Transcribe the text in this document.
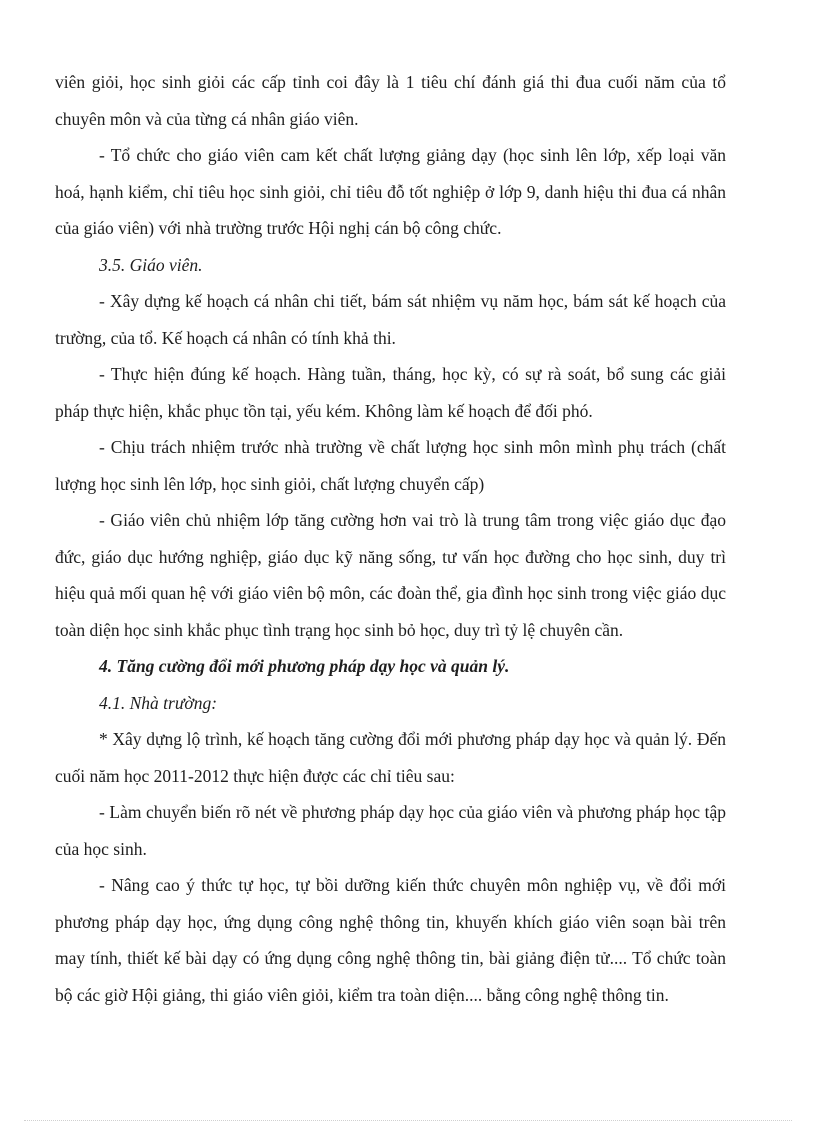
viên giỏi, học sinh giỏi các cấp tỉnh coi đây là 1 tiêu chí đánh giá thi đua cuối năm của tổ chuyên môn và của từng cá nhân giáo viên.

- Tổ chức cho giáo viên cam kết chất lượng giảng dạy (học sinh lên lớp, xếp loại văn hoá, hạnh kiểm, chỉ tiêu học sinh giỏi, chỉ tiêu đỗ tốt nghiệp ở lớp 9, danh hiệu thi đua cá nhân của giáo viên) với nhà trường trước Hội nghị cán bộ công chức.

3.5. Giáo viên.

- Xây dựng kế hoạch cá nhân chi tiết, bám sát nhiệm vụ năm học, bám sát kế hoạch của trường, của tổ. Kế hoạch cá nhân có tính khả thi.

- Thực hiện đúng kế hoạch. Hàng tuần, tháng, học kỳ, có sự rà soát, bổ sung các giải pháp thực hiện, khắc phục tồn tại, yếu kém. Không làm kế hoạch để đối phó.

- Chịu trách nhiệm trước nhà trường về chất lượng học sinh môn mình phụ trách (chất lượng học sinh lên lớp, học sinh giỏi, chất lượng chuyển cấp)

- Giáo viên chủ nhiệm lớp tăng cường hơn vai trò là trung tâm trong việc giáo dục đạo đức, giáo dục hướng nghiệp, giáo dục kỹ năng sống, tư vấn học đường cho học sinh, duy trì hiệu quả mối quan hệ với giáo viên bộ môn, các đoàn thể, gia đình học sinh trong việc giáo dục toàn diện học sinh khắc phục tình trạng học sinh bỏ học, duy trì tỷ lệ chuyên cần.

4. Tăng cường đổi mới phương pháp dạy học và quản lý.

4.1. Nhà trường:

* Xây dựng lộ trình, kế hoạch tăng cường đổi mới phương pháp dạy học và quản lý. Đến cuối năm học 2011-2012 thực hiện được các chỉ tiêu sau:

- Làm chuyển biến rõ nét về phương pháp dạy học của giáo viên và phương pháp học tập của học sinh.

- Nâng cao ý thức tự học, tự bồi dưỡng kiến thức chuyên môn nghiệp vụ, về đổi mới phương pháp dạy học, ứng dụng công nghệ thông tin, khuyến khích giáo viên soạn bài trên may tính, thiết kế bài dạy có ứng dụng công nghệ thông tin, bài giảng điện tử.... Tổ chức toàn bộ các giờ Hội giảng, thi giáo viên giỏi, kiểm tra toàn diện.... bằng công nghệ thông tin.
